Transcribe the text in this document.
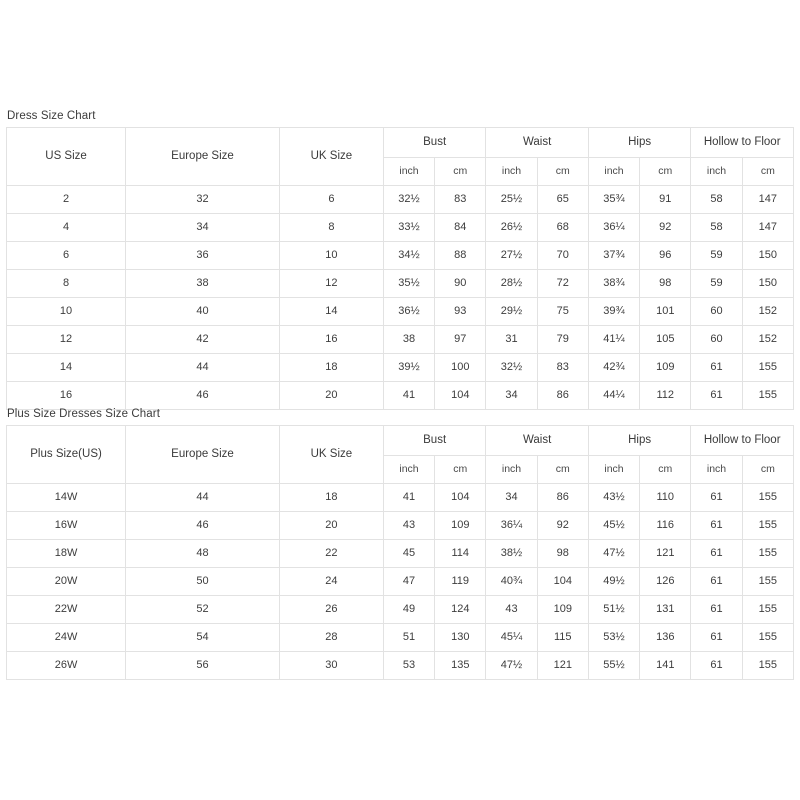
Dress Size Chart
US Size	Europe Size	UK Size	Bust		Waist		Hips		Hollow to Floor	
			inch	cm	inch	cm	inch	cm	inch	cm
2	32	6	32½	83	25½	65	35¾	91	58	147
4	34	8	33½	84	26½	68	36¼	92	58	147
6	36	10	34½	88	27½	70	37¾	96	59	150
8	38	12	35½	90	28½	72	38¾	98	59	150
10	40	14	36½	93	29½	75	39¾	101	60	152
12	42	16	38	97	31	79	41¼	105	60	152
14	44	18	39½	100	32½	83	42¾	109	61	155
16	46	20	41	104	34	86	44¼	112	61	155
Plus Size Dresses Size Chart
Plus Size(US)	Europe Size	UK Size	Bust		Waist		Hips		Hollow to Floor	
			inch	cm	inch	cm	inch	cm	inch	cm
14W	44	18	41	104	34	86	43½	110	61	155
16W	46	20	43	109	36¼	92	45½	116	61	155
18W	48	22	45	114	38½	98	47½	121	61	155
20W	50	24	47	119	40¾	104	49½	126	61	155
22W	52	26	49	124	43	109	51½	131	61	155
24W	54	28	51	130	45¼	115	53½	136	61	155
26W	56	30	53	135	47½	121	55½	141	61	155
